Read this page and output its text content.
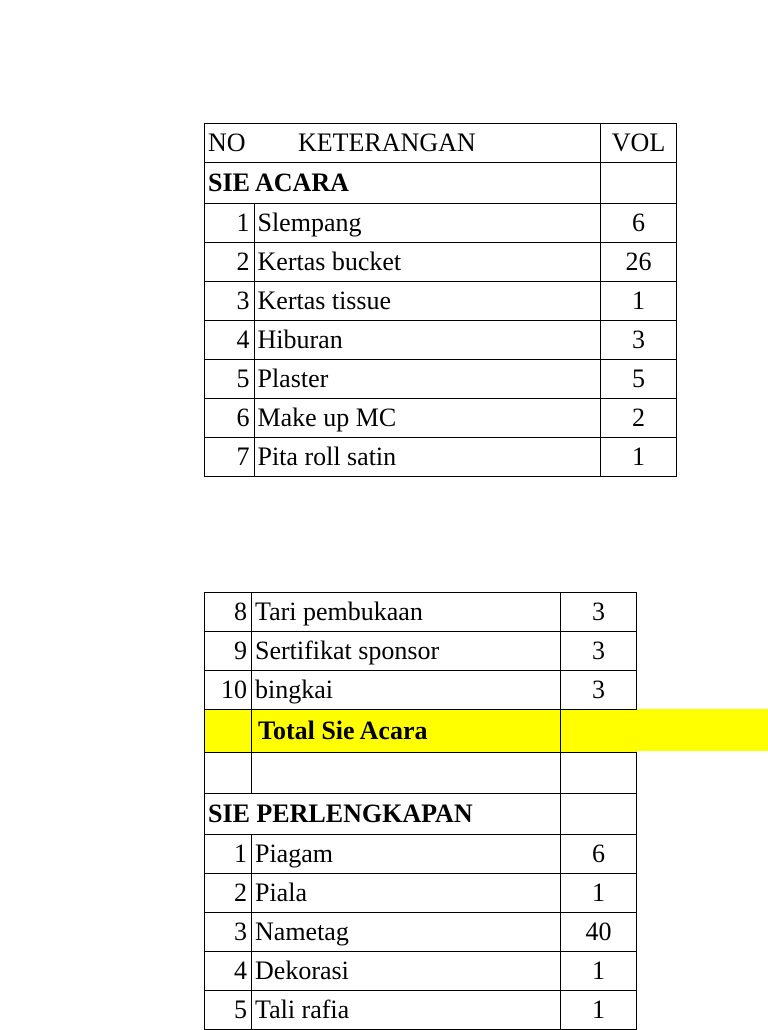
NO	KETERANGAN	VOL
SIE ACARA		
1	Slempang	6
2	Kertas bucket	26
3	Kertas tissue	1
4	Hiburan	3
5	Plaster	5
6	Make up MC	2
7	Pita roll satin	1
8	Tari pembukaan	3
9	Sertifikat sponsor	3
10	bingkai	3
	Total Sie Acara	

SIE PERLENGKAPAN		
1	Piagam	6
2	Piala	1
3	Nametag	40
4	Dekorasi	1
5	Tali rafia	1
